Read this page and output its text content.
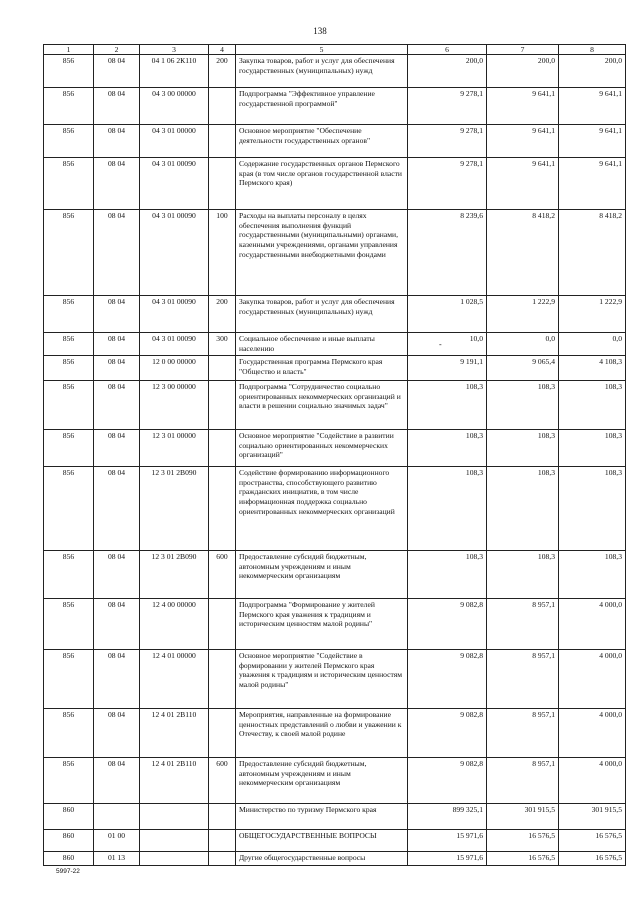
138
1	2	3	4	5	6	7	8
856	08 04	04 1 06 2К110	200	Закупка товаров, работ и услуг для обеспечения государственных (муниципальных) нужд	200,0	200,0	200,0
856	08 04	04 3 00 00000		Подпрограмма "Эффективное управление государственной программой"	9 278,1	9 641,1	9 641,1
856	08 04	04 3 01 00000		Основное мероприятие "Обеспечение деятельности государственных органов"	9 278,1	9 641,1	9 641,1
856	08 04	04 3 01 00090		Содержание государственных органов Пермского края (в том числе органов государственной власти Пермского края)	9 278,1	9 641,1	9 641,1
856	08 04	04 3 01 00090	100	Расходы на выплаты персоналу в целях обеспечения выполнения функций государственными (муниципальными) органами, казенными учреждениями, органами управления государственными внебюджетными фондами	8 239,6	8 418,2	8 418,2
856	08 04	04 3 01 00090	200	Закупка товаров, работ и услуг для обеспечения государственных (муниципальных) нужд	1 028,5	1 222,9	1 222,9
856	08 04	04 3 01 00090	300	Социальное обеспечение и иные выплаты населению	10,0	0,0	0,0
856	08 04	12 0 00 00000		Государственная программа Пермского края "Общество и власть"	9 191,1	9 065,4	4 108,3
856	08 04	12 3 00 00000		Подпрограмма "Сотрудничество социально ориентированных некоммерческих организаций и власти в решении социально значимых задач"	108,3	108,3	108,3
856	08 04	12 3 01 00000		Основное мероприятие "Содействие в развитии социально ориентированных некоммерческих организаций"	108,3	108,3	108,3
856	08 04	12 3 01 2В090		Содействие формированию информационного пространства, способствующего развитию гражданских инициатив, в том числе информационная поддержка социально ориентированных некоммерческих организаций	108,3	108,3	108,3
856	08 04	12 3 01 2В090	600	Предоставление субсидий бюджетным, автономным учреждениям и иным некоммерческим организациям	108,3	108,3	108,3
856	08 04	12 4 00 00000		Подпрограмма "Формирование у жителей Пермского края уважения к традициям и историческим ценностям малой родины"	9 082,8	8 957,1	4 000,0
856	08 04	12 4 01 00000		Основное мероприятие "Содействие в формировании у жителей Пермского края уважения к традициям и историческим ценностям малой родины"	9 082,8	8 957,1	4 000,0
856	08 04	12 4 01 2В110		Мероприятия, направленные на формирование ценностных представлений о любви и уважении к Отечеству, к своей малой родине	9 082,8	8 957,1	4 000,0
856	08 04	12 4 01 2В110	600	Предоставление субсидий бюджетным, автономным учреждениям и иным некоммерческим организациям	9 082,8	8 957,1	4 000,0
860				Министерство по туризму Пермского края	899 325,1	301 915,5	301 915,5
860	01 00			ОБЩЕГОСУДАРСТВЕННЫЕ ВОПРОСЫ	15 971,6	16 576,5	16 576,5
860	01 13			Другие общегосударственные вопросы	15 971,6	16 576,5	16 576,5
-
5997-22
